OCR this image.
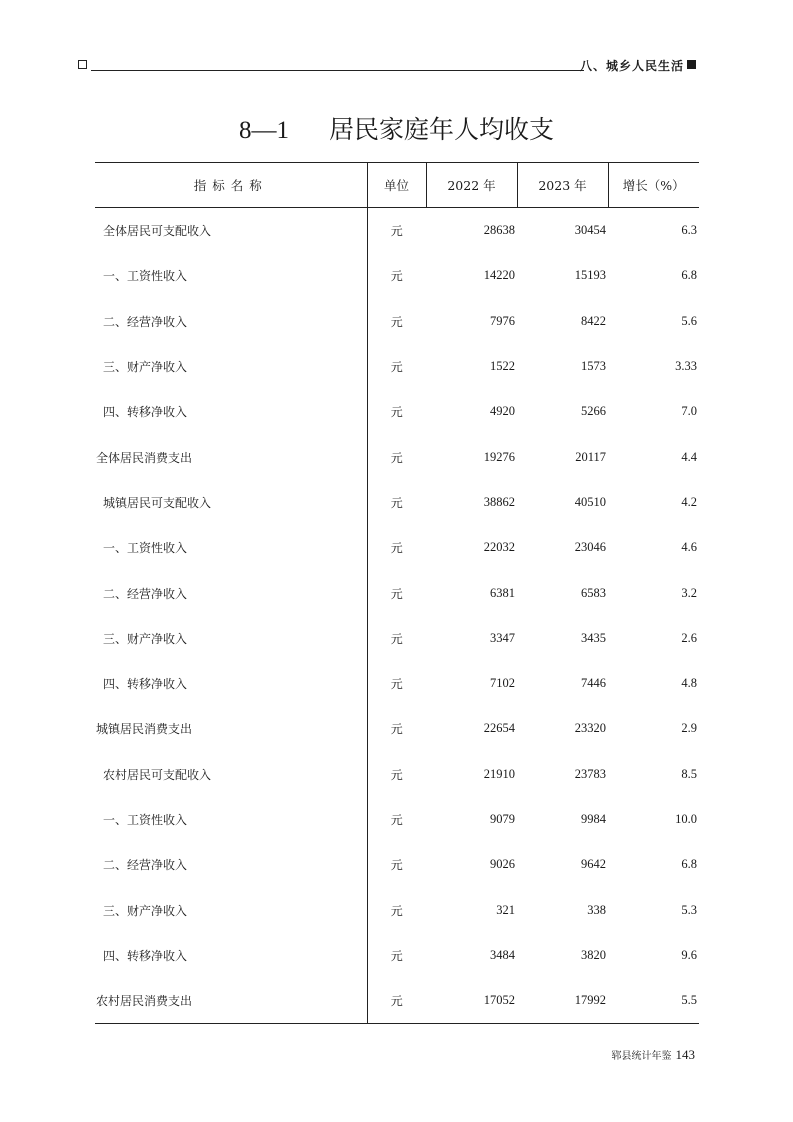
八、城乡人民生活
8—1 居民家庭年人均收支
指标名称	单位	2022 年	2023 年	增长（%）
全体居民可支配收入	元	28638	30454	6.3
一、工资性收入	元	14220	15193	6.8
二、经营净收入	元	7976	8422	5.6
三、财产净收入	元	1522	1573	3.33
四、转移净收入	元	4920	5266	7.0
全体居民消费支出	元	19276	20117	4.4
城镇居民可支配收入	元	38862	40510	4.2
一、工资性收入	元	22032	23046	4.6
二、经营净收入	元	6381	6583	3.2
三、财产净收入	元	3347	3435	2.6
四、转移净收入	元	7102	7446	4.8
城镇居民消费支出	元	22654	23320	2.9
农村居民可支配收入	元	21910	23783	8.5
一、工资性收入	元	9079	9984	10.0
二、经营净收入	元	9026	9642	6.8
三、财产净收入	元	321	338	5.3
四、转移净收入	元	3484	3820	9.6
农村居民消费支出	元	17052	17992	5.5
郓县统计年鉴 143
